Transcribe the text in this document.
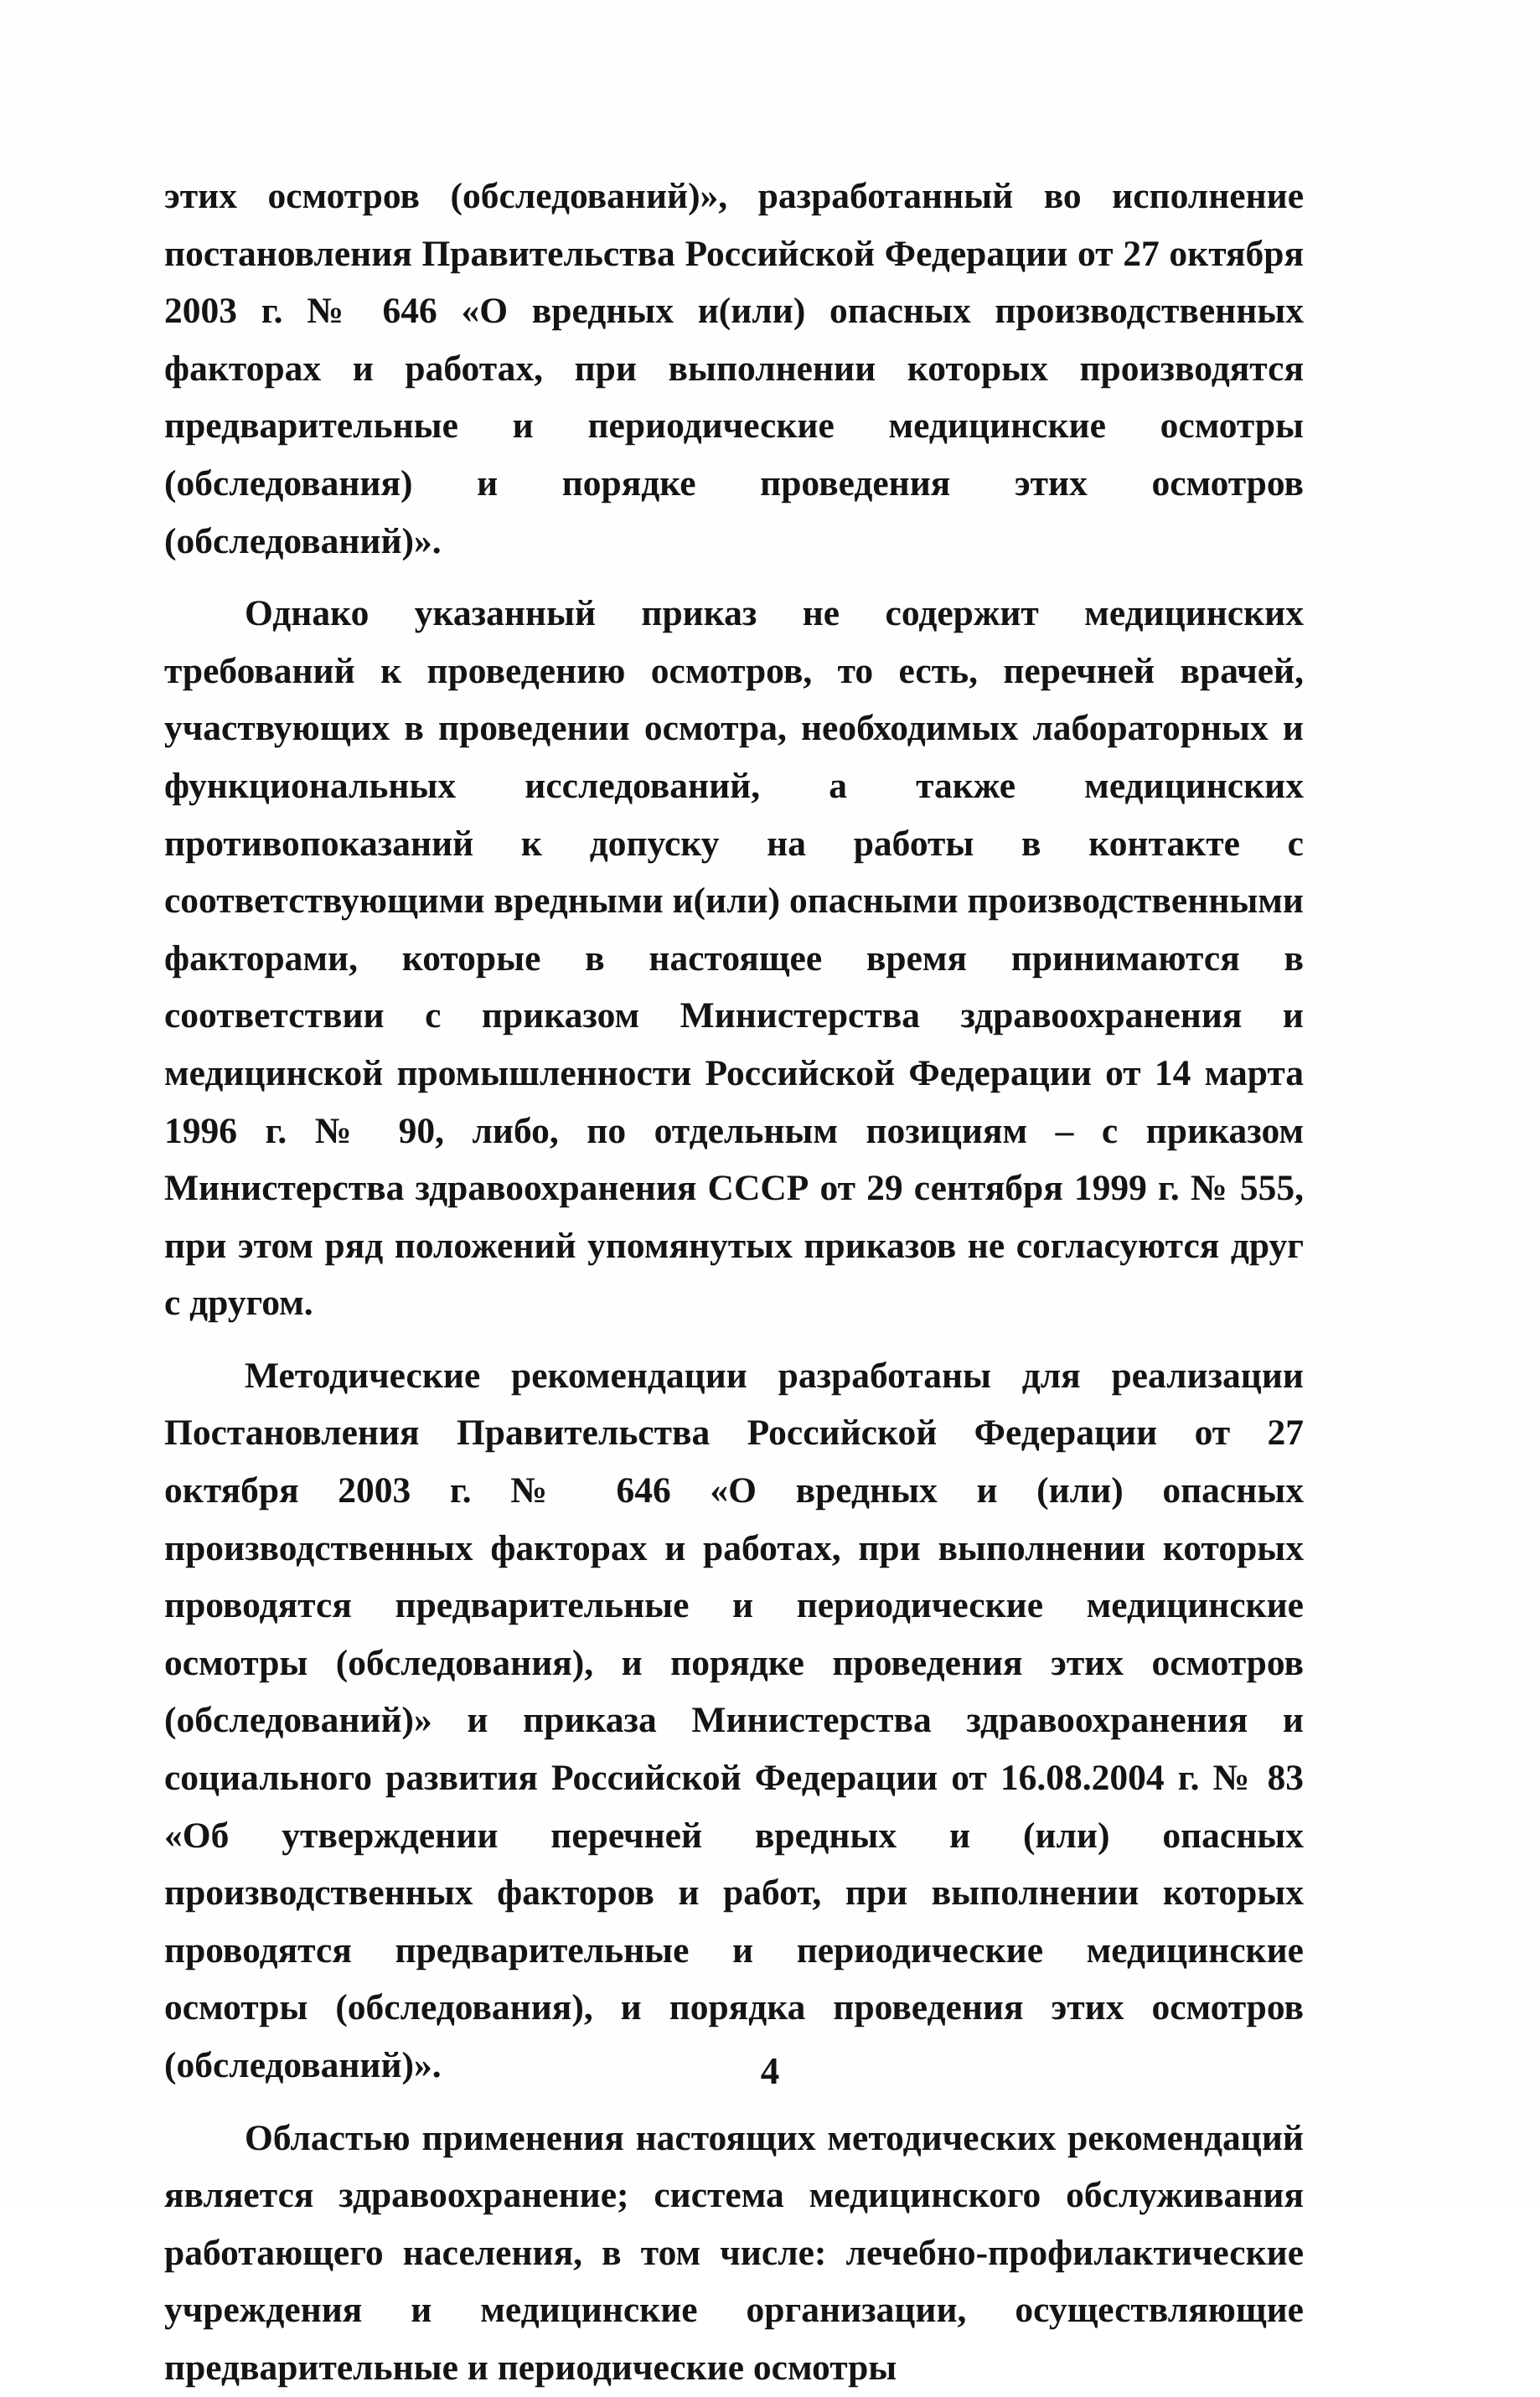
этих осмотров (обследований)», разработанный во исполнение постановления Правительства Российской Федерации от 27 октября 2003 г. № 646 «О вредных и(или) опасных производственных факторах и работах, при выполнении которых производятся предварительные и периодические медицинские осмотры (обследования) и порядке проведения этих осмотров (обследований)».

Однако указанный приказ не содержит медицинских требований к проведению осмотров, то есть, перечней врачей, участвующих в проведении осмотра, необходимых лабораторных и функциональных исследований, а также медицинских противопоказаний к допуску на работы в контакте с соответствующими вредными и(или) опасными производственными факторами, которые в настоящее время принимаются в соответствии с приказом Министерства здравоохранения и медицинской промышленности Российской Федерации от 14 марта 1996 г. № 90, либо, по отдельным позициям – с приказом Министерства здравоохранения СССР от 29 сентября 1999 г. № 555, при этом ряд положений упомянутых приказов не согласуются друг с другом.

Методические рекомендации разработаны для реализации Постановления Правительства Российской Федерации от 27 октября 2003 г. № 646 «О вредных и (или) опасных производственных факторах и работах, при выполнении которых проводятся предварительные и периодические медицинские осмотры (обследования), и порядке проведения этих осмотров (обследований)» и приказа Министерства здравоохранения и социального развития Российской Федерации от 16.08.2004 г. № 83 «Об утверждении перечней вредных и (или) опасных производственных факторов и работ, при выполнении которых проводятся предварительные и периодические медицинские осмотры (обследования), и порядка проведения этих осмотров (обследований)».

Областью применения настоящих методических рекомендаций является здравоохранение; система медицинского обслуживания работающего населения, в том числе: лечебно-профилактические учреждения и медицинские организации, осуществляющие предварительные и периодические осмотры

4
